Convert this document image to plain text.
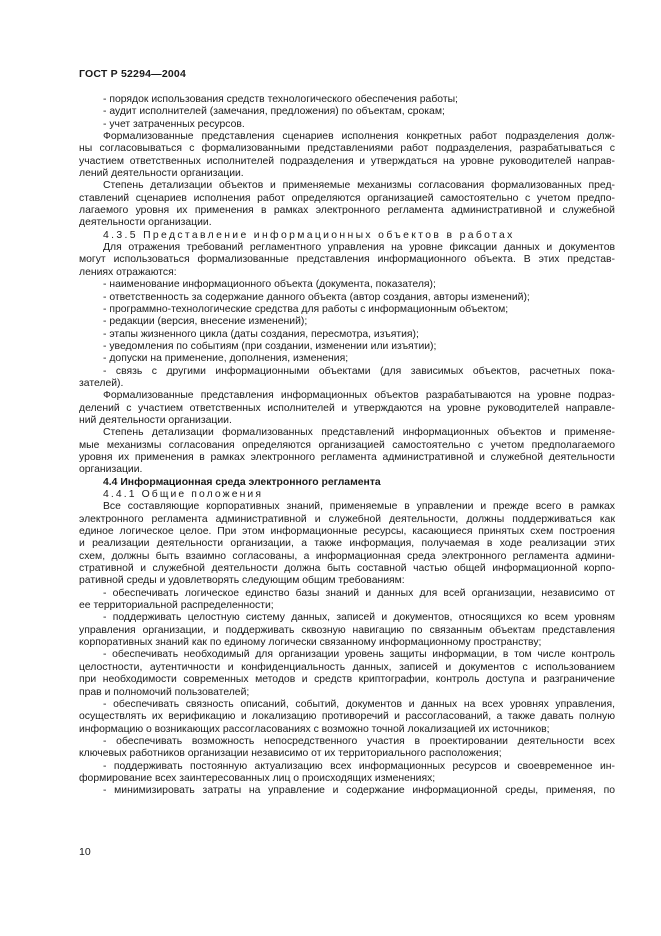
ГОСТ Р 52294—2004
- порядок использования средств технологического обеспечения работы;
- аудит исполнителей (замечания, предложения) по объектам, срокам;
- учет затраченных ресурсов.
Формализованные представления сценариев исполнения конкретных работ подразделения долж-
ны согласовываться с формализованными представлениями работ подразделения, разрабатываться с
участием ответственных исполнителей подразделения и утверждаться на уровне руководителей направ-
лений деятельности организации.
Степень детализации объектов и применяемые механизмы согласования формализованных пред-
ставлений сценариев исполнения работ определяются организацией самостоятельно с учетом предпо-
лагаемого уровня их применения в рамках электронного регламента административной и служебной
деятельности организации.
4.3.5 Представление информационных объектов в работах
Для отражения требований регламентного управления на уровне фиксации данных и документов
могут использоваться формализованные представления информационного объекта. В этих представ-
лениях отражаются:
- наименование информационного объекта (документа, показателя);
- ответственность за содержание данного объекта (автор создания, авторы изменений);
- программно-технологические средства для работы с информационным объектом;
- редакции (версия, внесение изменений);
- этапы жизненного цикла (даты создания, пересмотра, изъятия);
- уведомления по событиям (при создании, изменении или изъятии);
- допуски на применение, дополнения, изменения;
- связь с другими информационными объектами (для зависимых объектов, расчетных пока-
зателей).
Формализованные представления информационных объектов разрабатываются на уровне подраз-
делений с участием ответственных исполнителей и утверждаются на уровне руководителей направле-
ний деятельности организации.
Степень детализации формализованных представлений информационных объектов и применяе-
мые механизмы согласования определяются организацией самостоятельно с учетом предполагаемого
уровня их применения в рамках электронного регламента административной и служебной деятельности
организации.
4.4 Информационная среда электронного регламента
4.4.1 Общие положения
Все составляющие корпоративных знаний, применяемые в управлении и прежде всего в рамках
электронного регламента административной и служебной деятельности, должны поддерживаться как
единое логическое целое. При этом информационные ресурсы, касающиеся принятых схем построения
и реализации деятельности организации, а также информация, получаемая в ходе реализации этих
схем, должны быть взаимно согласованы, а информационная среда электронного регламента админи-
стративной и служебной деятельности должна быть составной частью общей информационной корпо-
ративной среды и удовлетворять следующим общим требованиям:
- обеспечивать логическое единство базы знаний и данных для всей организации, независимо от
ее территориальной распределенности;
- поддерживать целостную систему данных, записей и документов, относящихся ко всем уровням
управления организации, и поддерживать сквозную навигацию по связанным объектам представления
корпоративных знаний как по единому логически связанному информационному пространству;
- обеспечивать необходимый для организации уровень защиты информации, в том числе контроль
целостности, аутентичности и конфиденциальность данных, записей и документов с использованием
при необходимости современных методов и средств криптографии, контроль доступа и разграничение
прав и полномочий пользователей;
- обеспечивать связность описаний, событий, документов и данных на всех уровнях управления,
осуществлять их верификацию и локализацию противоречий и рассогласований, а также давать полную
информацию о возникающих рассогласованиях с возможно точной локализацией их источников;
- обеспечивать возможность непосредственного участия в проектировании деятельности всех
ключевых работников организации независимо от их территориального расположения;
- поддерживать постоянную актуализацию всех информационных ресурсов и своевременное ин-
формирование всех заинтересованных лиц о происходящих изменениях;
- минимизировать затраты на управление и содержание информационной среды, применяя, по
10
